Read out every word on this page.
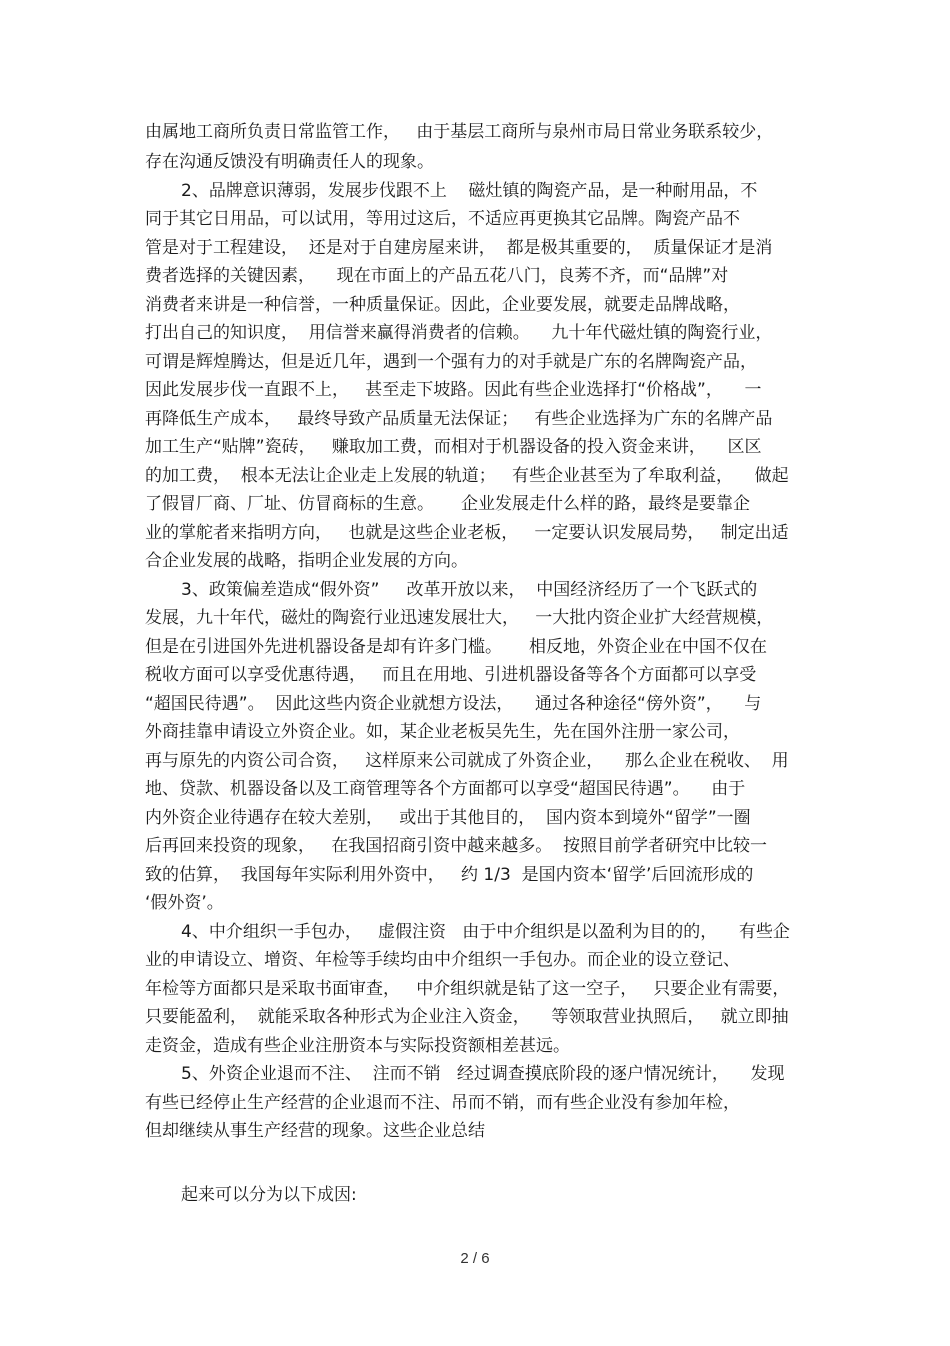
由属地工商所负责日常监管工作，   由于基层工商所与泉州市局日常业务联系较少，
存在沟通反馈没有明确责任人的现象。
2、品牌意识薄弱，发展步伐跟不上    磁灶镇的陶瓷产品，是一种耐用品，不
同于其它日用品，可以试用，等用过这后，不适应再更换其它品牌。陶瓷产品不
管是对于工程建设，  还是对于自建房屋来讲，  都是极其重要的，  质量保证才是消
费者选择的关键因素，    现在市面上的产品五花八门，良莠不齐，而“品牌”对
消费者来讲是一种信誉，一种质量保证。因此，企业要发展，就要走品牌战略，
打出自己的知识度，  用信誉来赢得消费者的信赖。    九十年代磁灶镇的陶瓷行业，
可谓是辉煌腾达，但是近几年，遇到一个强有力的对手就是广东的名牌陶瓷产品，
因此发展步伐一直跟不上，   甚至走下坡路。因此有些企业选择打“价格战”，    一
再降低生产成本，   最终导致产品质量无法保证；   有些企业选择为广东的名牌产品
加工生产“贴牌”瓷砖，   赚取加工费，而相对于机器设备的投入资金来讲，    区区
的加工费，  根本无法让企业走上发展的轨道；   有些企业甚至为了牟取利益，    做起
了假冒厂商、厂址、仿冒商标的生意。     企业发展走什么样的路，最终是要靠企
业的掌舵者来指明方向，   也就是这些企业老板，   一定要认识发展局势，   制定出适
合企业发展的战略，指明企业发展的方向。
3、政策偏差造成“假外资”     改革开放以来，  中国经济经历了一个飞跃式的
发展，九十年代，磁灶的陶瓷行业迅速发展壮大，   一大批内资企业扩大经营规模，
但是在引进国外先进机器设备是却有许多门槛。     相反地，外资企业在中国不仅在
税收方面可以享受优惠待遇，   而且在用地、引进机器设备等各个方面都可以享受
“超国民待遇”。  因此这些内资企业就想方设法，    通过各种途径“傍外资”，    与
外商挂靠申请设立外资企业。如，某企业老板吴先生，先在国外注册一家公司，
再与原先的内资公司合资，   这样原来公司就成了外资企业，    那么企业在税收、  用
地、贷款、机器设备以及工商管理等各个方面都可以享受“超国民待遇”。    由于
内外资企业待遇存在较大差别，   或出于其他目的，  国内资本到境外“留学”一圈
后再回来投资的现象，   在我国招商引资中越来越多。  按照目前学者研究中比较一
致的估算，  我国每年实际利用外资中，   约 1/3  是国内资本‘留学’后回流形成的
‘假外资’。
4、中介组织一手包办，   虚假注资   由于中介组织是以盈利为目的的，    有些企
业的申请设立、增资、年检等手续均由中介组织一手包办。而企业的设立登记、
年检等方面都只是采取书面审查，   中介组织就是钻了这一空子，   只要企业有需要，
只要能盈利，  就能采取各种形式为企业注入资金，    等领取营业执照后，   就立即抽
走资金，造成有些企业注册资本与实际投资额相差甚远。
5、外资企业退而不注、  注而不销   经过调查摸底阶段的逐户情况统计，    发现
有些已经停止生产经营的企业退而不注、吊而不销，而有些企业没有参加年检，
但却继续从事生产经营的现象。这些企业总结
起来可以分为以下成因:
2 / 6
